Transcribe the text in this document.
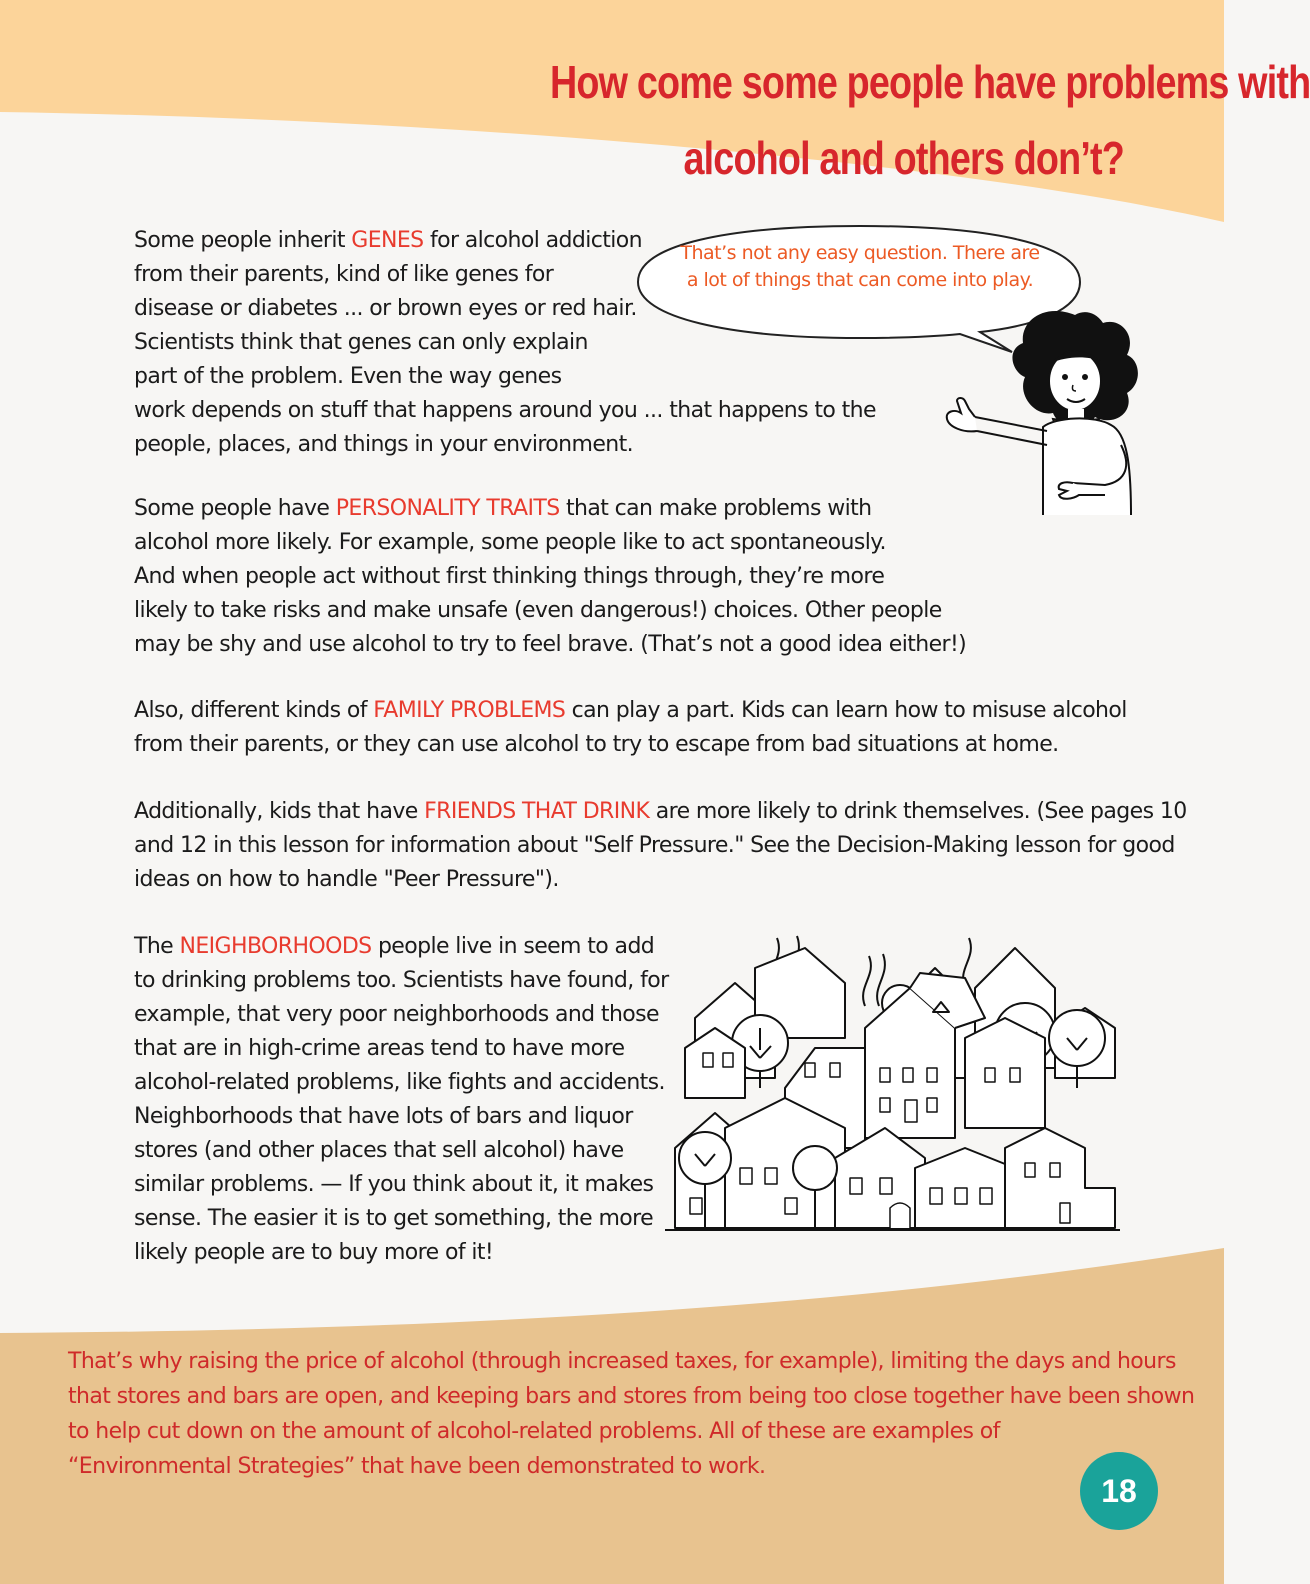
How come some people have problems with
alcohol and others don’t?
That’s not any easy question. There are
a lot of things that can come into play.
Some people inherit GENES for alcohol addiction
from their parents, kind of like genes for
disease or diabetes ... or brown eyes or red hair.
Scientists think that genes can only explain
part of the problem. Even the way genes
work depends on stuff that happens around you ... that happens to the
people, places, and things in your environment.
Some people have PERSONALITY TRAITS that can make problems with
alcohol more likely. For example, some people like to act spontaneously.
And when people act without first thinking things through, they’re more
likely to take risks and make unsafe (even dangerous!) choices. Other people
may be shy and use alcohol to try to feel brave. (That’s not a good idea either!)
Also, different kinds of FAMILY PROBLEMS can play a part. Kids can learn how to misuse alcohol
from their parents, or they can use alcohol to try to escape from bad situations at home.
Additionally, kids that have FRIENDS THAT DRINK are more likely to drink themselves. (See pages 10
and 12 in this lesson for information about "Self Pressure." See the Decision-Making lesson for good
ideas on how to handle "Peer Pressure").
The NEIGHBORHOODS people live in seem to add
to drinking problems too. Scientists have found, for
example, that very poor neighborhoods and those
that are in high-crime areas tend to have more
alcohol-related problems, like fights and accidents.
Neighborhoods that have lots of bars and liquor
stores (and other places that sell alcohol) have
similar problems. — If you think about it, it makes
sense. The easier it is to get something, the more
likely people are to buy more of it!
That’s why raising the price of alcohol (through increased taxes, for example), limiting the days and hours
that stores and bars are open, and keeping bars and stores from being too close together have been shown
to help cut down on the amount of alcohol-related problems. All of these are examples of
“Environmental Strategies” that have been demonstrated to work.
18
